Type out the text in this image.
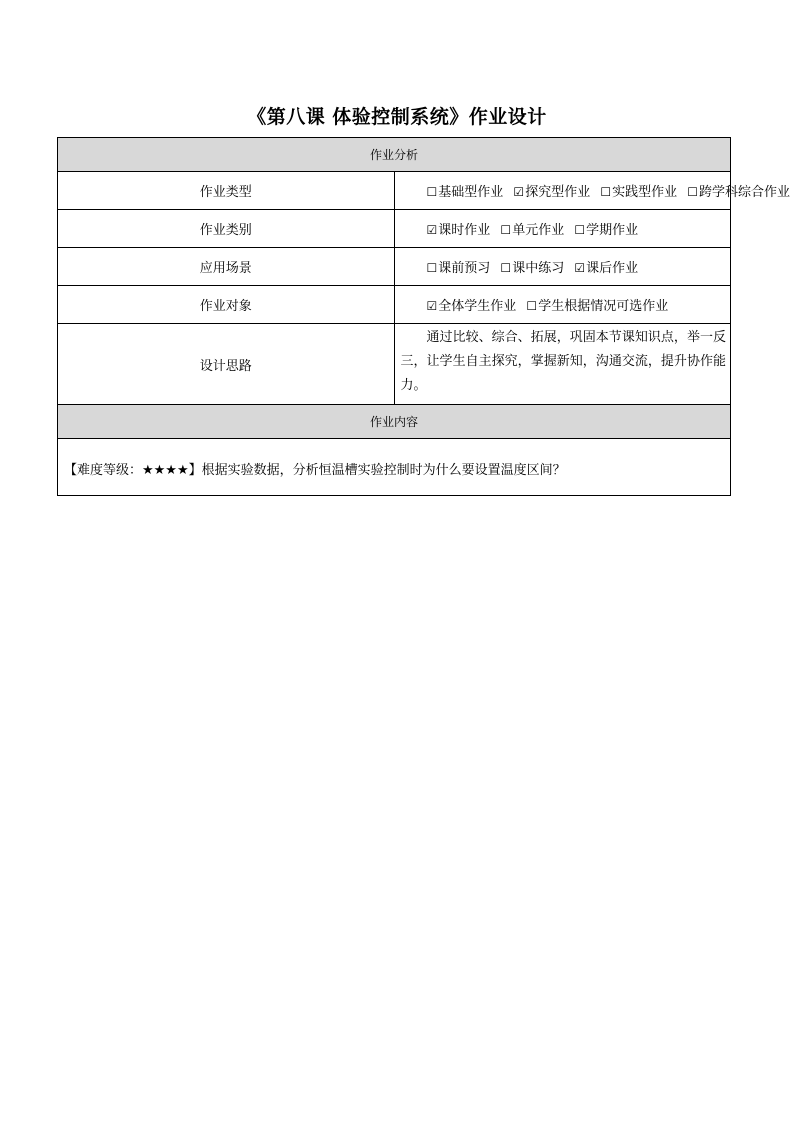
《第八课 体验控制系统》作业设计
作业分析	
作业类型	☐基础型作业 ☑探究型作业 ☐实践型作业 ☐跨学科综合作业
作业类别	☑课时作业 ☐单元作业 ☐学期作业
应用场景	☐课前预习 ☐课中练习 ☑课后作业
作业对象	☑全体学生作业 ☐学生根据情况可选作业
设计思路	通过比较、综合、拓展，巩固本节课知识点，举一反三，让学生自主探究，掌握新知，沟通交流，提升协作能力。
作业内容	
【难度等级：★★★★】根据实验数据，分析恒温槽实验控制时为什么要设置温度区间？	
